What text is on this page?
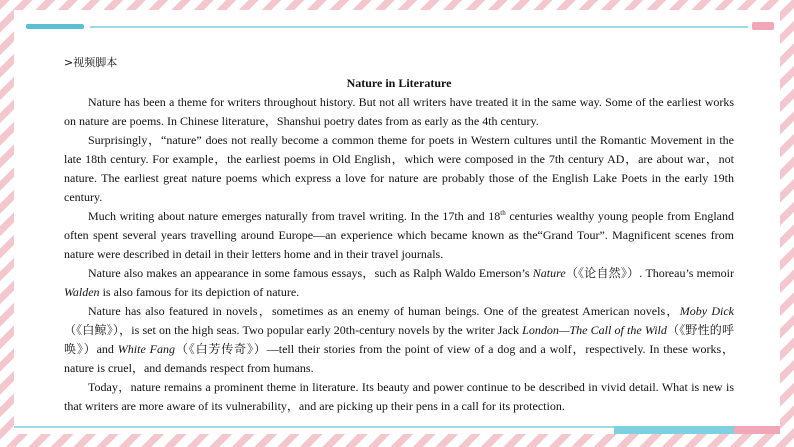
>视频脚本
Nature in Literature

Nature has been a theme for writers throughout history. But not all writers have treated it in the same way. Some of the earliest works on nature are poems. In Chinese literature，Shanshui poetry dates from as early as the 4th century.

Surprisingly，“nature” does not really become a common theme for poets in Western cultures until the Romantic Movement in the late 18th century. For example，the earliest poems in Old English，which were composed in the 7th century AD，are about war，not nature. The earliest great nature poems which express a love for nature are probably those of the English Lake Poets in the early 19th century.

Much writing about nature emerges naturally from travel writing. In the 17th and 18th centuries wealthy young people from England often spent several years travelling around Europe—an experience which became known as the“Grand Tour”. Magnificent scenes from nature were described in detail in their letters home and in their travel journals.

Nature also makes an appearance in some famous essays，such as Ralph Waldo Emerson’s Nature（《论自然》）. Thoreau’s memoir Walden is also famous for its depiction of nature.

Nature has also featured in novels，sometimes as an enemy of human beings. One of the greatest American novels，Moby Dick（《白鲸》），is set on the high seas. Two popular early 20th-century novels by the writer Jack London—The Call of the Wild（《野性的呼唤》）and White Fang（《白芳传奇》）—tell their stories from the point of view of a dog and a wolf，respectively. In these works，nature is cruel，and demands respect from humans.

Today，nature remains a prominent theme in literature. Its beauty and power continue to be described in vivid detail. What is new is that writers are more aware of its vulnerability，and are picking up their pens in a call for its protection.
